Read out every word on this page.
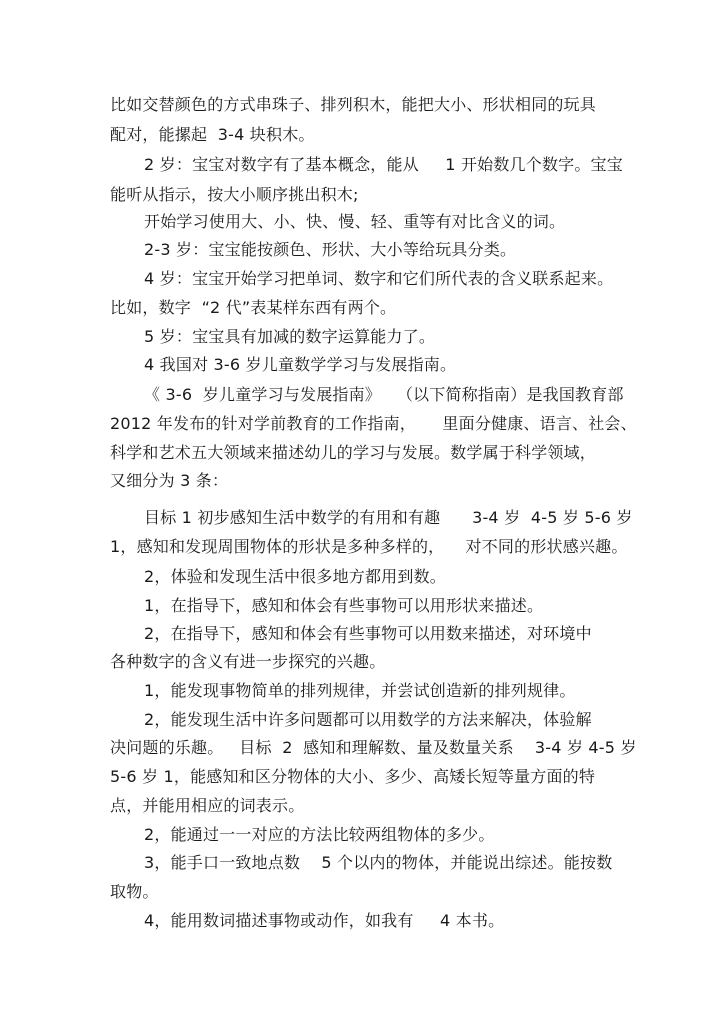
比如交替颜色的方式串珠子、排列积木，能把大小、形状相同的玩具
配对，能摞起  3-4 块积木。
2 岁：宝宝对数字有了基本概念，能从     1 开始数几个数字。宝宝
能听从指示，按大小顺序挑出积木;
开始学习使用大、小、快、慢、轻、重等有对比含义的词。
2-3 岁：宝宝能按颜色、形状、大小等给玩具分类。
4 岁：宝宝开始学习把单词、数字和它们所代表的含义联系起来。
比如，数字  “2 代”表某样东西有两个。
5 岁：宝宝具有加减的数字运算能力了。
4 我国对 3-6 岁儿童数学学习与发展指南。
《 3-6  岁儿童学习与发展指南》   （以下简称指南）是我国教育部
2012 年发布的针对学前教育的工作指南，     里面分健康、语言、社会、
科学和艺术五大领域来描述幼儿的学习与发展。数学属于科学领域，
又细分为 3 条：
目标 1 初步感知生活中数学的有用和有趣      3-4 岁  4-5 岁 5-6 岁
1，感知和发现周围物体的形状是多种多样的，    对不同的形状感兴趣。
2，体验和发现生活中很多地方都用到数。
1，在指导下，感知和体会有些事物可以用形状来描述。
2，在指导下，感知和体会有些事物可以用数来描述，对环境中
各种数字的含义有进一步探究的兴趣。
1，能发现事物简单的排列规律，并尝试创造新的排列规律。
2，能发现生活中许多问题都可以用数学的方法来解决，体验解
决问题的乐趣。   目标  2  感知和理解数、量及数量关系    3-4 岁 4-5 岁
5-6 岁 1，能感知和区分物体的大小、多少、高矮长短等量方面的特
点，并能用相应的词表示。
2，能通过一一对应的方法比较两组物体的多少。
3，能手口一致地点数    5 个以内的物体，并能说出综述。能按数
取物。
4，能用数词描述事物或动作，如我有     4 本书。
